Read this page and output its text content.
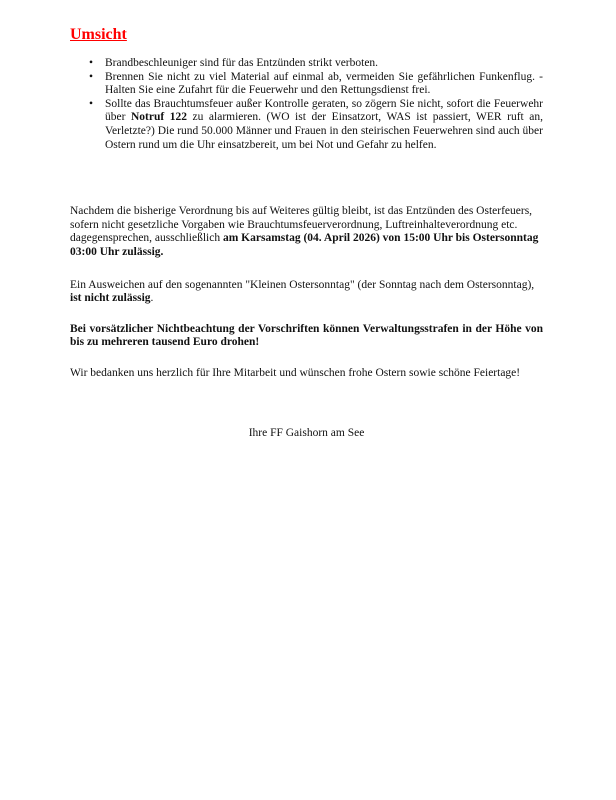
Umsicht
• Brandbeschleuniger sind für das Entzünden strikt verboten.
• Brennen Sie nicht zu viel Material auf einmal ab, vermeiden Sie gefährlichen Funkenflug. - Halten Sie eine Zufahrt für die Feuerwehr und den Rettungsdienst frei.
• Sollte das Brauchtumsfeuer außer Kontrolle geraten, so zögern Sie nicht, sofort die Feuerwehr über Notruf 122 zu alarmieren. (WO ist der Einsatzort, WAS ist passiert, WER ruft an, Verletzte?) Die rund 50.000 Männer und Frauen in den steirischen Feuerwehren sind auch über Ostern rund um die Uhr einsatzbereit, um bei Not und Gefahr zu helfen.

Nachdem die bisherige Verordnung bis auf Weiteres gültig bleibt, ist das Entzünden des Osterfeuers, sofern nicht gesetzliche Vorgaben wie Brauchtumsfeuerverordnung, Luftreinhalteverordnung etc. dagegensprechen, ausschließlich am Karsamstag (04. April 2026) von 15:00 Uhr bis Ostersonntag 03:00 Uhr zulässig.

Ein Ausweichen auf den sogenannten "Kleinen Ostersonntag" (der Sonntag nach dem Ostersonntag), ist nicht zulässig.

Bei vorsätzlicher Nichtbeachtung der Vorschriften können Verwaltungsstrafen in der Höhe von bis zu mehreren tausend Euro drohen!

Wir bedanken uns herzlich für Ihre Mitarbeit und wünschen frohe Ostern sowie schöne Feiertage!

Ihre FF Gaishorn am See
